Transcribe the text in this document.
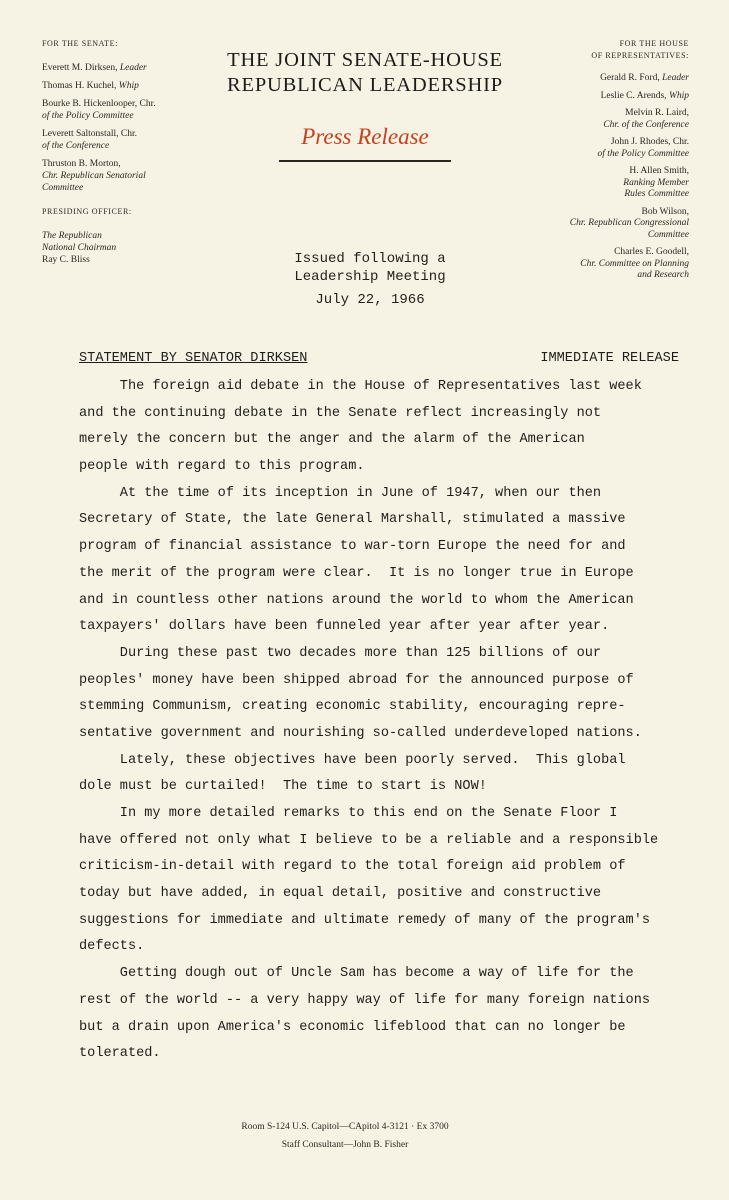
FOR THE SENATE:
Everett M. Dirksen, Leader
Thomas H. Kuchel, Whip
Bourke B. Hickenlooper, Chr.
of the Policy Committee
Leverett Saltonstall, Chr.
of the Conference
Thruston B. Morton,
Chr. Republican Senatorial Committee
PRESIDING OFFICER:
The Republican
National Chairman
Ray C. Bliss
THE JOINT SENATE-HOUSE
REPUBLICAN LEADERSHIP
Press Release
Issued following a
Leadership Meeting
July 22, 1966
FOR THE HOUSE
OF REPRESENTATIVES:
Gerald R. Ford, Leader
Leslie C. Arends, Whip
Melvin R. Laird,
Chr. of the Conference
John J. Rhodes, Chr.
of the Policy Committee
H. Allen Smith,
Ranking Member Rules Committee
Bob Wilson,
Chr. Republican Congressional Committee
Charles E. Goodell,
Chr. Committee on Planning and Research
STATEMENT BY SENATOR DIRKSEN	IMMEDIATE RELEASE
The foreign aid debate in the House of Representatives last week
and the continuing debate in the Senate reflect increasingly not
merely the concern but the anger and the alarm of the American
people with regard to this program.
At the time of its inception in June of 1947, when our then
Secretary of State, the late General Marshall, stimulated a massive
program of financial assistance to war-torn Europe the need for and
the merit of the program were clear.  It is no longer true in Europe
and in countless other nations around the world to whom the American
taxpayers' dollars have been funneled year after year after year.
During these past two decades more than 125 billions of our
peoples' money have been shipped abroad for the announced purpose of
stemming Communism, creating economic stability, encouraging repre-
sentative government and nourishing so-called underdeveloped nations.
Lately, these objectives have been poorly served.  This global
dole must be curtailed!  The time to start is NOW!
In my more detailed remarks to this end on the Senate Floor I
have offered not only what I believe to be a reliable and a responsible
criticism-in-detail with regard to the total foreign aid problem of
today but have added, in equal detail, positive and constructive
suggestions for immediate and ultimate remedy of many of the program's
defects.
Getting dough out of Uncle Sam has become a way of life for the
rest of the world -- a very happy way of life for many foreign nations
but a drain upon America's economic lifeblood that can no longer be
tolerated.
Room S-124 U.S. Capitol—CApitol 4-3121 · Ex 3700
Staff Consultant—John B. Fisher
